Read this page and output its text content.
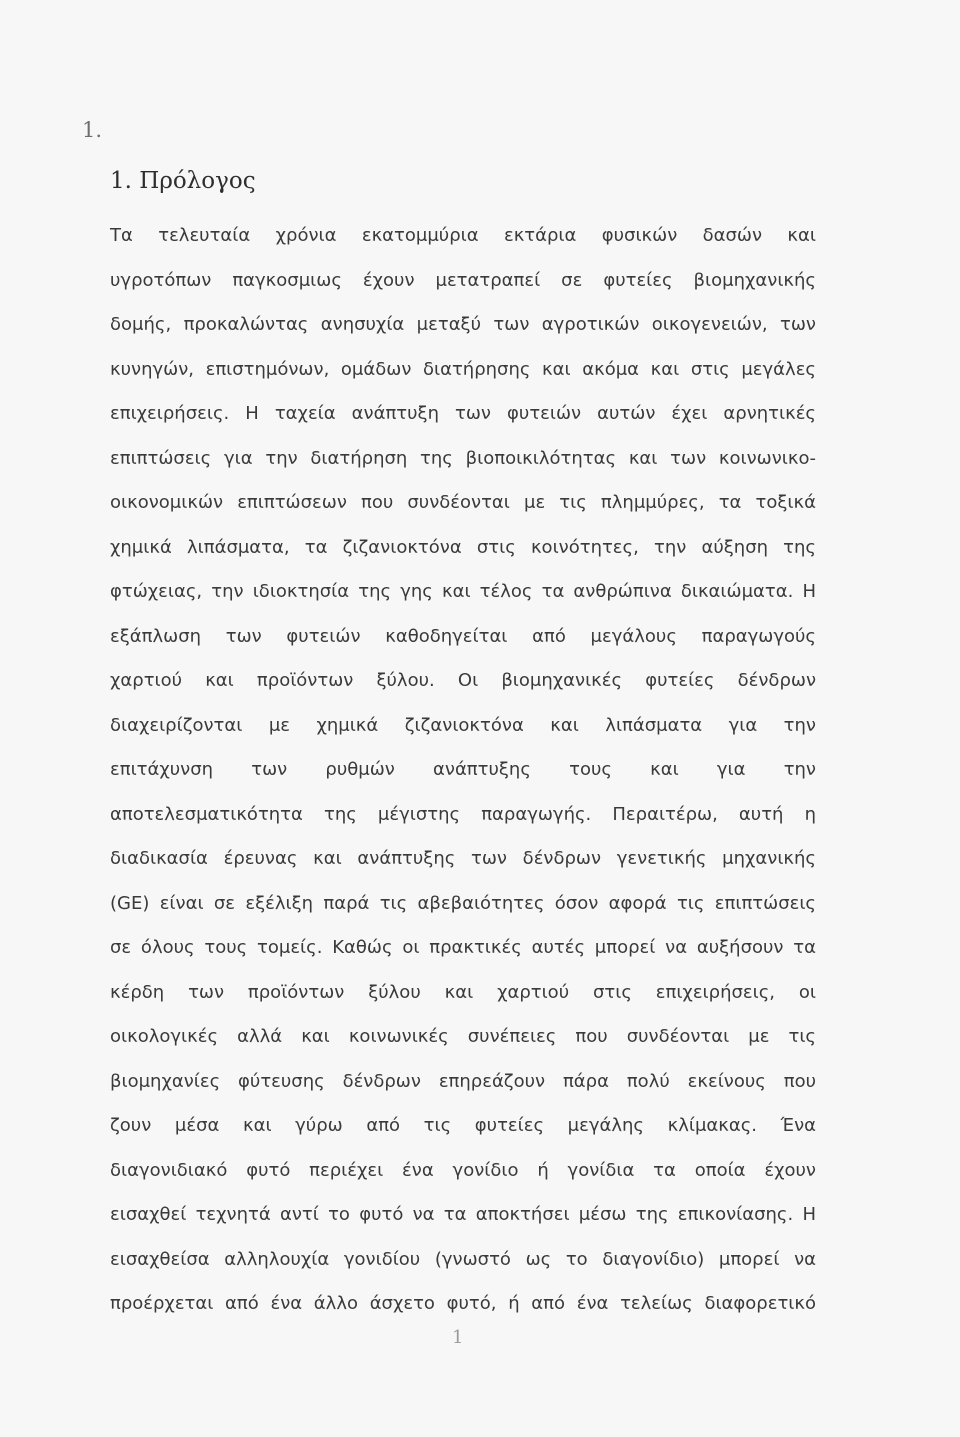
1.
1. Πρόλογος
Τα τελευταία χρόνια εκατομμύρια εκτάρια φυσικών δασών και
υγροτόπων παγκοσμιως έχουν μετατραπεί σε φυτείες βιομηχανικής
δομής, προκαλώντας ανησυχία μεταξύ των αγροτικών οικογενειών, των
κυνηγών, επιστημόνων, ομάδων διατήρησης και ακόμα και στις μεγάλες
επιχειρήσεις. Η ταχεία ανάπτυξη των φυτειών αυτών έχει αρνητικές
επιπτώσεις για την διατήρηση της βιοποικιλότητας και των κοινωνικο-
οικονομικών επιπτώσεων που συνδέονται με τις πλημμύρες, τα τοξικά
χημικά λιπάσματα, τα ζιζανιοκτόνα στις κοινότητες, την αύξηση της
φτώχειας, την ιδιοκτησία της γης και τέλος τα ανθρώπινα δικαιώματα. Η
εξάπλωση των φυτειών καθοδηγείται από μεγάλους παραγωγούς
χαρτιού και προϊόντων ξύλου. Οι βιομηχανικές φυτείες δένδρων
διαχειρίζονται με χημικά ζιζανιοκτόνα και λιπάσματα για την
επιτάχυνση των ρυθμών ανάπτυξης τους και για την
αποτελεσματικότητα της μέγιστης παραγωγής. Περαιτέρω, αυτή η
διαδικασία έρευνας και ανάπτυξης των δένδρων γενετικής μηχανικής
(GE) είναι σε εξέλιξη παρά τις αβεβαιότητες όσον αφορά τις επιπτώσεις
σε όλους τους τομείς. Καθώς οι πρακτικές αυτές μπορεί να αυξήσουν τα
κέρδη των προϊόντων ξύλου και χαρτιού στις επιχειρήσεις, οι
οικολογικές αλλά και κοινωνικές συνέπειες που συνδέονται με τις
βιομηχανίες φύτευσης δένδρων επηρεάζουν πάρα πολύ εκείνους που
ζουν μέσα και γύρω από τις φυτείες μεγάλης κλίμακας. Ένα
διαγονιδιακό φυτό περιέχει ένα γονίδιο ή γονίδια τα οποία έχουν
εισαχθεί τεχνητά αντί το φυτό να τα αποκτήσει μέσω της επικονίασης. Η
εισαχθείσα αλληλουχία γονιδίου (γνωστό ως το διαγονίδιο) μπορεί να
προέρχεται από ένα άλλο άσχετο φυτό, ή από ένα τελείως διαφορετικό
1
